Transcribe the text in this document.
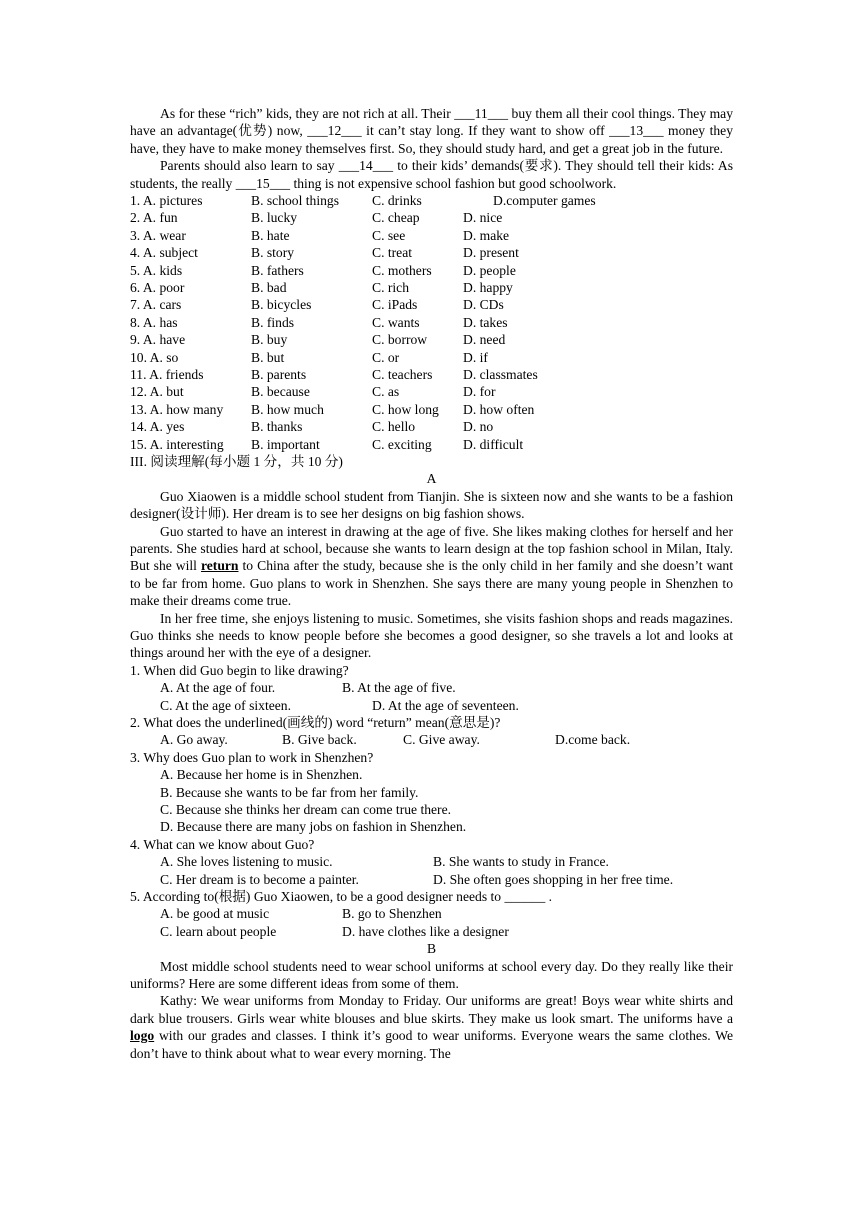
As for these “rich” kids, they are not rich at all. Their ___11___ buy them all their cool things. They may have an advantage(优势) now, ___12___ it can’t stay long. If they want to show off ___13___ money they have, they have to make money themselves first. So, they should study hard, and get a great job in the future.

Parents should also learn to say ___14___ to their kids’ demands(要求). They should tell their kids: As students, the really ___15___ thing is not expensive school fashion but good schoolwork.

1. A. pictures	B. school things	C. drinks	D.computer games
2. A. fun	B. lucky	C. cheap	D. nice
3. A. wear	B. hate	C. see	D. make
4. A. subject	B. story	C. treat	D. present
5. A. kids	B. fathers	C. mothers	D. people
6. A. poor	B. bad	C. rich	D. happy
7. A. cars	B. bicycles	C. iPads	D. CDs
8. A. has	B. finds	C. wants	D. takes
9. A. have	B. buy	C. borrow	D. need
10. A. so	B. but	C. or	D. if
11. A. friends	B. parents	C. teachers	D. classmates
12. A. but	B. because	C. as	D. for
13. A. how many	B. how much	C. how long	D. how often
14. A. yes	B. thanks	C. hello	D. no
15. A. interesting	B. important	C. exciting	D. difficult
III. 阅读理解(每小题 1 分，共 10 分)
A

Guo Xiaowen is a middle school student from Tianjin. She is sixteen now and she wants to be a fashion designer(设计师). Her dream is to see her designs on big fashion shows.

Guo started to have an interest in drawing at the age of five. She likes making clothes for herself and her parents. She studies hard at school, because she wants to learn design at the top fashion school in Milan, Italy. But she will return to China after the study, because she is the only child in her family and she doesn’t want to be far from home. Guo plans to work in Shenzhen. She says there are many young people in Shenzhen to make their dreams come true.

In her free time, she enjoys listening to music. Sometimes, she visits fashion shops and reads magazines. Guo thinks she needs to know people before she becomes a good designer, so she travels a lot and looks at things around her with the eye of a designer.

1. When did Guo begin to like drawing?
A. At the age of four.	B. At the age of five.
C. At the age of sixteen.	D. At the age of seventeen.
2. What does the underlined(画线的) word “return” mean(意思是)?
A. Go away.	B. Give back.	C. Give away.	D.come back.
3. Why does Guo plan to work in Shenzhen?
A. Because her home is in Shenzhen.
B. Because she wants to be far from her family.
C. Because she thinks her dream can come true there.
D. Because there are many jobs on fashion in Shenzhen.
4. What can we know about Guo?
A. She loves listening to music.	B. She wants to study in France.
C. Her dream is to become a painter.	D. She often goes shopping in her free time.
5. According to(根据) Guo Xiaowen, to be a good designer needs to ______ .
A. be good at music	B. go to Shenzhen
C. learn about people	D. have clothes like a designer
B

Most middle school students need to wear school uniforms at school every day. Do they really like their uniforms? Here are some different ideas from some of them.

Kathy: We wear uniforms from Monday to Friday. Our uniforms are great! Boys wear white shirts and dark blue trousers. Girls wear white blouses and blue skirts. They make us look smart. The uniforms have a logo with our grades and classes. I think it’s good to wear uniforms. Everyone wears the same clothes. We don’t have to think about what to wear every morning. The
